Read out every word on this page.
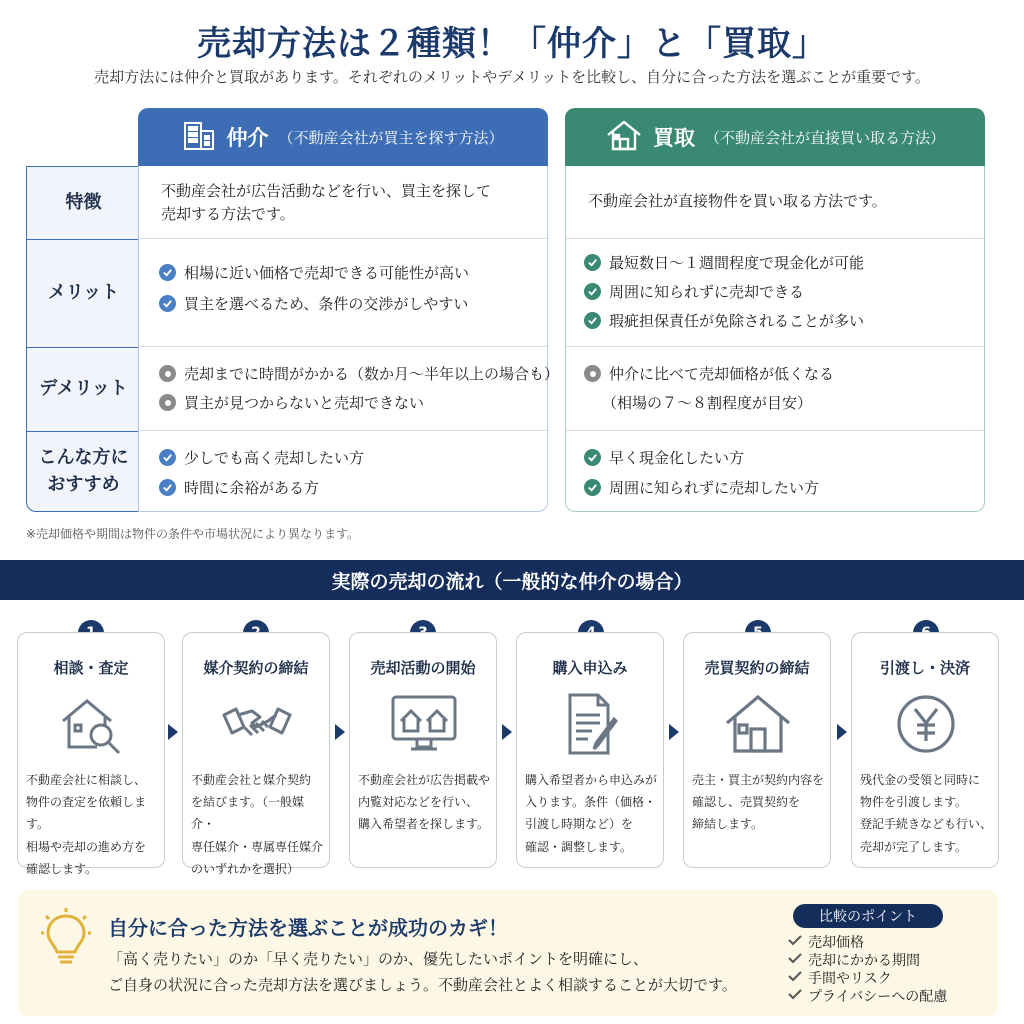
売却方法は２種類！「仲介」と「買取」
売却方法には仲介と買取があります。それぞれのメリットやデメリットを比較し、自分に合った方法を選ぶことが重要です。
仲介 （不動産会社が買主を探す方法）	買取 （不動産会社が直接買い取る方法）
特徴
メリット
デメリット
こんな方に
おすすめ
不動産会社が広告活動などを行い、買主を探して
売却する方法です。
相場に近い価格で売却できる可能性が高い
買主を選べるため、条件の交渉がしやすい
売却までに時間がかかる（数か月〜半年以上の場合も）
買主が見つからないと売却できない
少しでも高く売却したい方
時間に余裕がある方
不動産会社が直接物件を買い取る方法です。
最短数日〜１週間程度で現金化が可能
周囲に知られずに売却できる
瑕疵担保責任が免除されることが多い
仲介に比べて売却価格が低くなる
（相場の７〜８割程度が目安）
早く現金化したい方
周囲に知られずに売却したい方
※売却価格や期間は物件の条件や市場状況により異なります。
実際の売却の流れ（一般的な仲介の場合）
相談・査定
不動産会社に相談し、
物件の査定を依頼します。
相場や売却の進め方を
確認します。
媒介契約の締結
不動産会社と媒介契約
を結びます。（一般媒介・
専任媒介・専属専任媒介
のいずれかを選択）
売却活動の開始
不動産会社が広告掲載や
内覧対応などを行い、
購入希望者を探します。
購入申込み
購入希望者から申込みが
入ります。条件（価格・
引渡し時期など）を
確認・調整します。
売買契約の締結
売主・買主が契約内容を
確認し、売買契約を
締結します。
引渡し・決済
残代金の受領と同時に
物件を引渡します。
登記手続きなども行い、
売却が完了します。
自分に合った方法を選ぶことが成功のカギ！
「高く売りたい」のか「早く売りたい」のか、優先したいポイントを明確にし、
ご自身の状況に合った売却方法を選びましょう。不動産会社とよく相談することが大切です。
比較のポイント
売却価格
売却にかかる期間
手間やリスク
プライバシーへの配慮
